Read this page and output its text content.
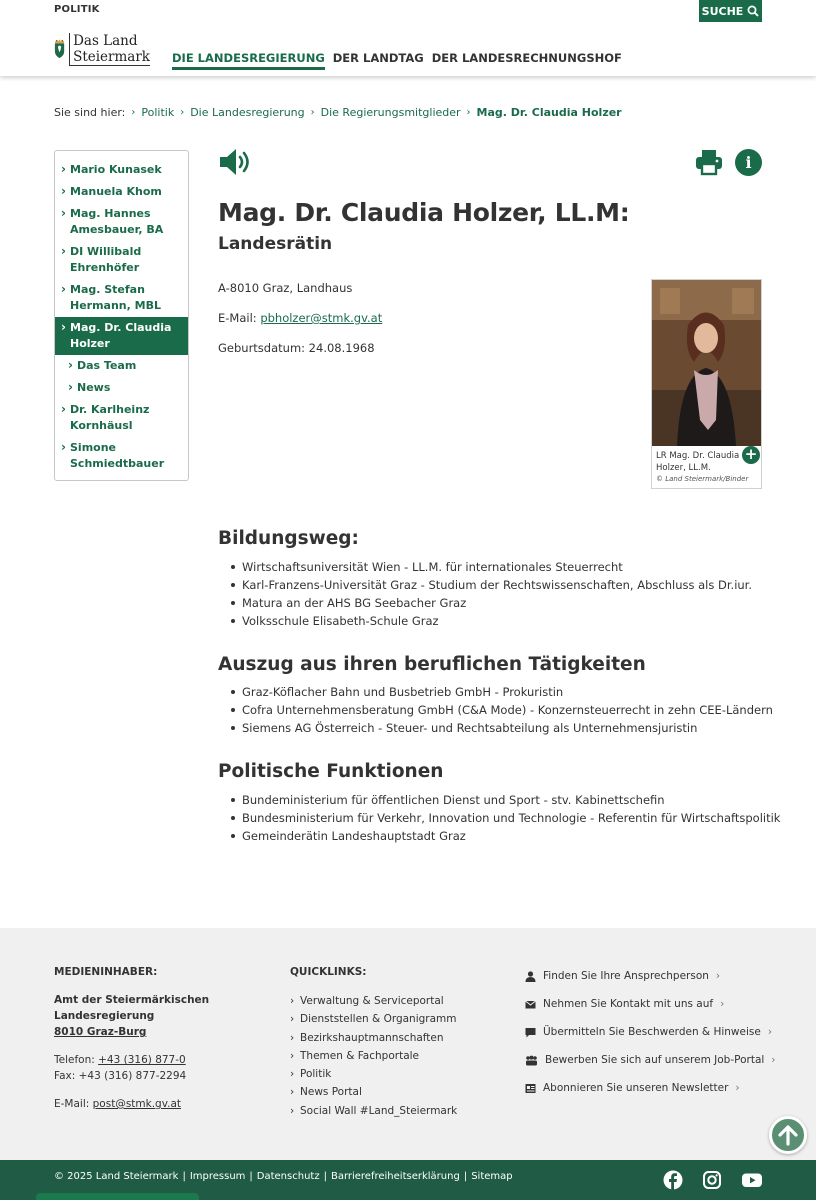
POLITIK	SUCHE
Das Land
Steiermark DIE LANDESREGIERUNG DER LANDTAG DER LANDESRECHNUNGSHOF
Sie sind hier: › Politik › Die Landesregierung › Die Regierungsmitglieder › Mag. Dr. Claudia Holzer
› Mario Kunasek
› Manuela Khom
› Mag. Hannes Amesbauer, BA
› DI Willibald Ehrenhöfer
› Mag. Stefan Hermann, MBL
› Mag. Dr. Claudia Holzer
› Das Team
› News
› Dr. Karlheinz Kornhäusl
› Simone Schmiedtbauer
i
Mag. Dr. Claudia Holzer, LL.M:
Landesrätin

A-8010 Graz, Landhaus

E-Mail: pbholzer@stmk.gv.at

Geburtsdatum: 24.08.1968

LR Mag. Dr. Claudia Holzer, LL.M.
© Land Steiermark/Binder
+
Bildungsweg:
Wirtschaftsuniversität Wien - LL.M. für internationales Steuerrecht
Karl-Franzens-Universität Graz - Studium der Rechtswissenschaften, Abschluss als Dr.iur.
Matura an der AHS BG Seebacher Graz
Volksschule Elisabeth-Schule Graz
Auszug aus ihren beruflichen Tätigkeiten
Graz-Köflacher Bahn und Busbetrieb GmbH - Prokuristin
Cofra Unternehmensberatung GmbH (C&A Mode) - Konzernsteuerrecht in zehn CEE-Ländern
Siemens AG Österreich - Steuer- und Rechtsabteilung als Unternehmensjuristin
Politische Funktionen
Bundeministerium für öffentlichen Dienst und Sport - stv. Kabinettschefin
Bundesministerium für Verkehr, Innovation und Technologie - Referentin für Wirtschaftspolitik
Gemeinderätin Landeshauptstadt Graz
MEDIENINHABER:
Amt der Steiermärkischen
Landesregierung
8010 Graz-Burg
Telefon: +43 (316) 877-0
Fax: +43 (316) 877-2294
E-Mail: post@stmk.gv.at
QUICKLINKS:
› Verwaltung & Serviceportal
› Dienststellen & Organigramm
› Bezirkshauptmannschaften
› Themen & Fachportale
› Politik
› News Portal
› Social Wall #Land_Steiermark
Finden Sie Ihre Ansprechperson ›
Nehmen Sie Kontakt mit uns auf ›
Übermitteln Sie Beschwerden & Hinweise ›
Bewerben Sie sich auf unserem Job-Portal ›
Abonnieren Sie unseren Newsletter ›
© 2025 Land Steiermark | Impressum | Datenschutz | Barrierefreiheitserklärung | Sitemap
